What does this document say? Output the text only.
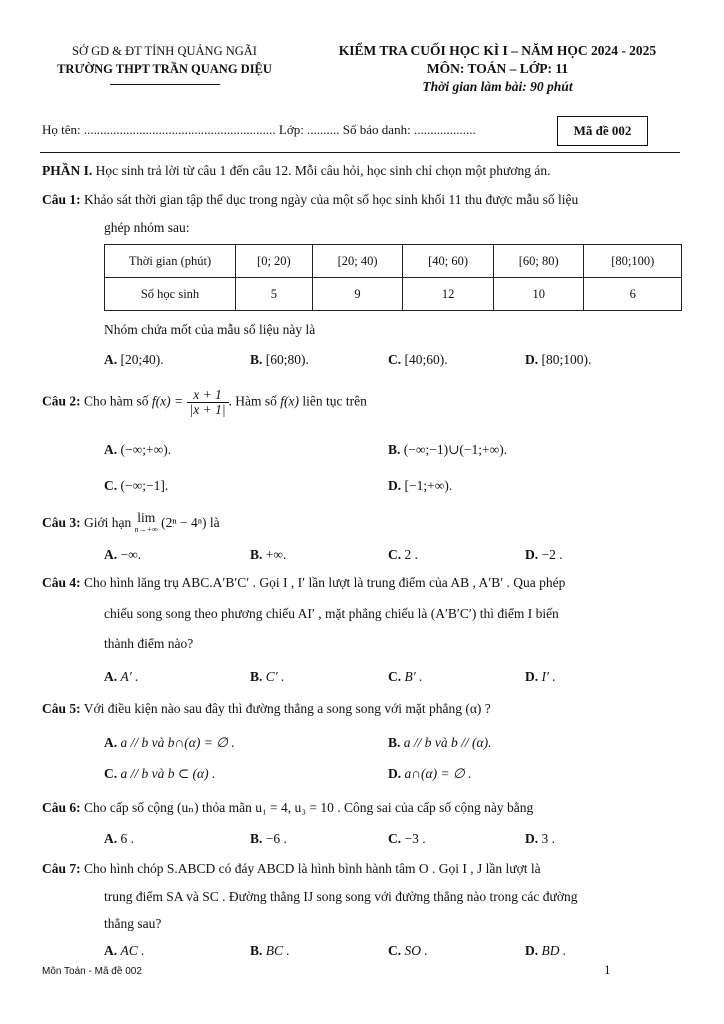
SỞ GD & ĐT TỈNH QUẢNG NGÃI
TRƯỜNG THPT TRẦN QUANG DIỆU
KIỂM TRA CUỐI HỌC KÌ I – NĂM HỌC 2024 - 2025
MÔN: TOÁN – LỚP: 11
Thời gian làm bài: 90 phút
Họ tên: ........................................................... Lớp: .......... Số báo danh: ...................	Mã đề 002
PHẦN I. Học sinh trả lời từ câu 1 đến câu 12. Mỗi câu hỏi, học sinh chỉ chọn một phương án.
Câu 1: Khảo sát thời gian tập thể dục trong ngày của một số học sinh khối 11 thu được mẫu số liệu
ghép nhóm sau:
Thời gian (phút)	[0; 20)	[20; 40)	[40; 60)	[60; 80)	[80;100)
Số học sinh	5	9	12	10	6
Nhóm chứa mốt của mẫu số liệu này là
A. [20;40).	B. [60;80).	C. [40;60).	D. [80;100).
Câu 2: Cho hàm số $f(x) = \frac{x + 1}{|x + 1|}$ . Hàm số f(x) liên tục trên
A. (−∞;+∞).	B. (−∞;−1)∪(−1;+∞).
C. (−∞;−1].	D. [−1;+∞).
Câu 3: Giới hạn lim
n→+∞ (2ⁿ − 4ⁿ) là
A. −∞.	B. +∞.	C. 2 .	D. −2 .
Câu 4: Cho hình lăng trụ ABC.A′B′C′ . Gọi I , I′ lần lượt là trung điểm của AB , A′B′ . Qua phép
chiếu song song theo phương chiếu AI′ , mặt phẳng chiếu là (A′B′C′) thì điểm I biến
thành điểm nào?
A. A′ .	B. C′ .	C. B′ .	D. I′ .
Câu 5: Với điều kiện nào sau đây thì đường thẳng a song song với mặt phẳng (α) ?
A. a // b và b∩(α) = ∅ .	B. a // b và b // (α).
C. a // b và b ⊂ (α) .	D. a∩(α) = ∅ .
Câu 6: Cho cấp số cộng (uₙ) thỏa mãn u₁ = 4, u₃ = 10 . Công sai của cấp số cộng này bằng
A. 6 .	B. −6 .	C. −3 .	D. 3 .
Câu 7: Cho hình chóp S.ABCD có đáy ABCD là hình bình hành tâm O . Gọi I , J lần lượt là
trung điểm SA và SC . Đường thẳng IJ song song với đường thẳng nào trong các đường
thẳng sau?
A. AC .	B. BC .	C. SO .	D. BD .
Môn Toán - Mã đề 002	1
